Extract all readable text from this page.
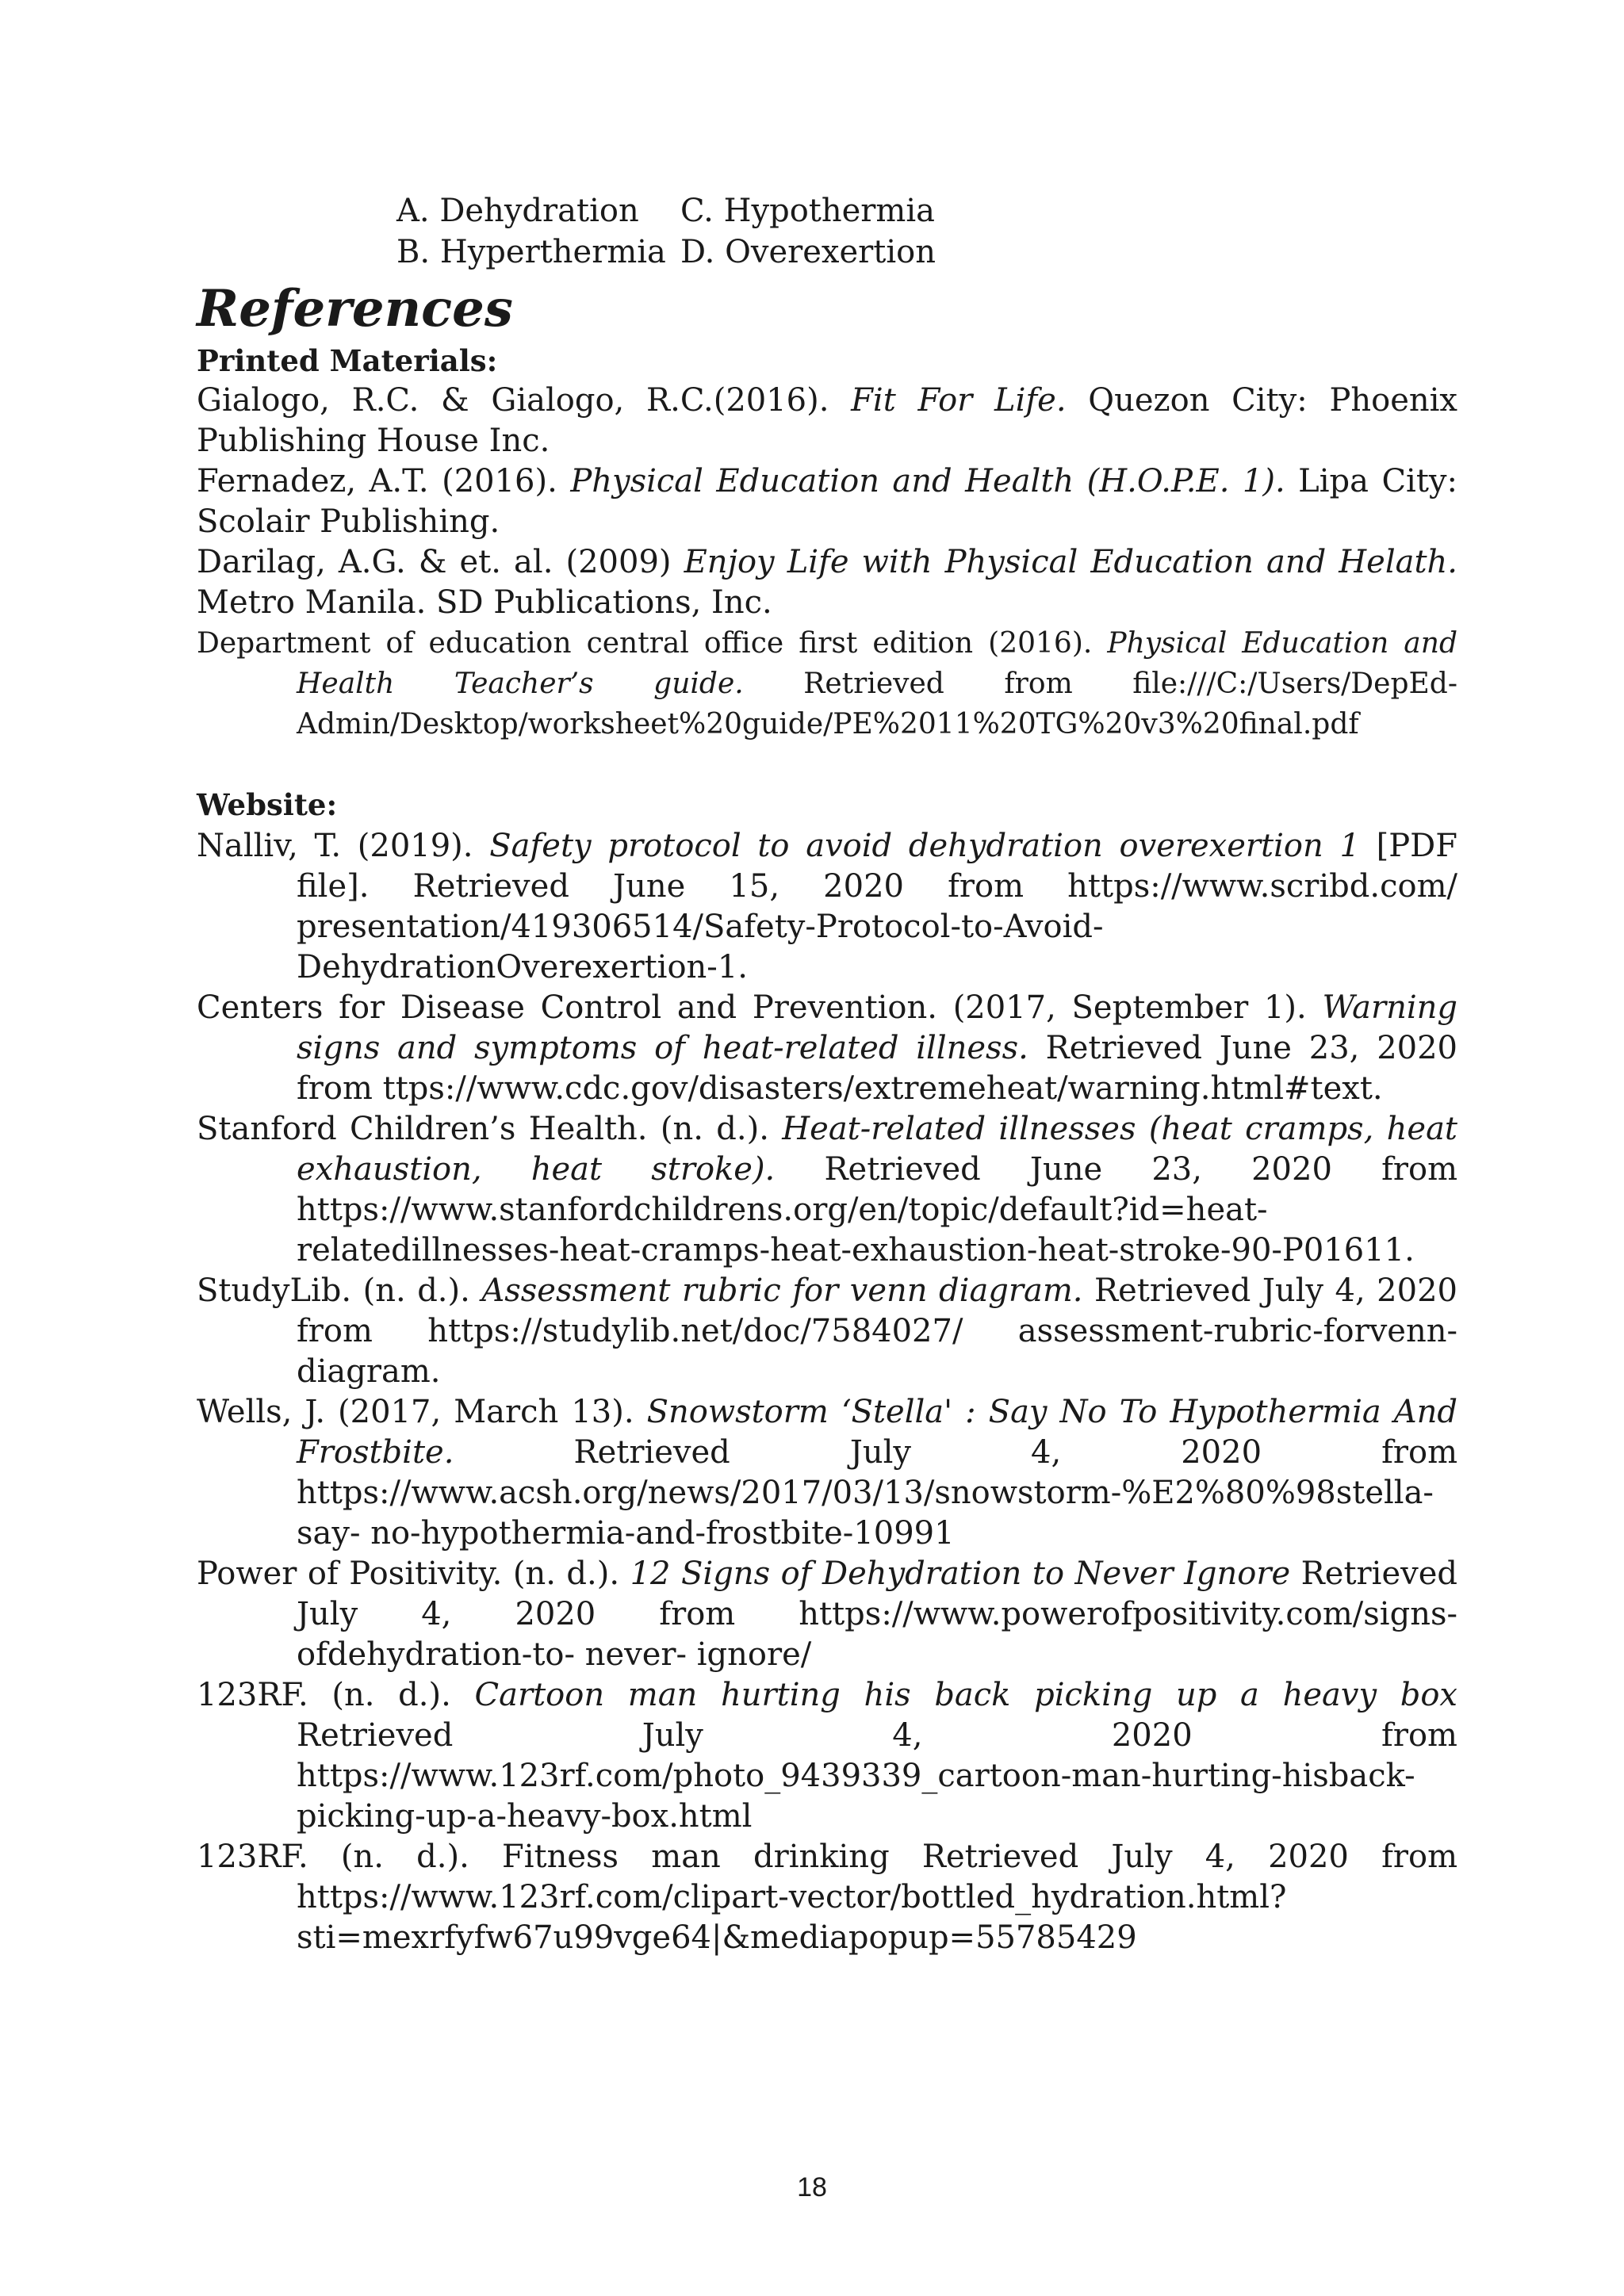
A. Dehydration	C. Hypothermia
B. Hyperthermia D. Overexertion
References
Printed Materials:
Gialogo, R.C. & Gialogo, R.C.(2016). Fit For Life. Quezon City: Phoenix Publishing House Inc.
Fernadez, A.T. (2016). Physical Education and Health (H.O.P.E. 1). Lipa City: Scolair Publishing.
Darilag, A.G. & et. al. (2009) Enjoy Life with Physical Education and Helath. Metro Manila. SD Publications, Inc.
Department of education central office first edition (2016). Physical Education and Health Teacher’s guide. Retrieved from file:///C:/Users/DepEd-Admin/Desktop/worksheet%20guide/PE%2011%20TG%20v3%20final.pdf
Website:
Nalliv, T. (2019). Safety protocol to avoid dehydration overexertion 1 [PDF file]. Retrieved June 15, 2020 from https://www.scribd.com/ presentation/419306514/Safety-Protocol-to-Avoid-DehydrationOverexertion-1.
Centers for Disease Control and Prevention. (2017, September 1). Warning signs and symptoms of heat-related illness. Retrieved June 23, 2020 from ttps://www.cdc.gov/disasters/extremeheat/warning.html#text.
Stanford Children’s Health. (n. d.). Heat-related illnesses (heat cramps, heat exhaustion, heat stroke). Retrieved June 23, 2020 from https://www.stanfordchildrens.org/en/topic/default?id=heat-relatedillnesses-heat-cramps-heat-exhaustion-heat-stroke-90-P01611.
StudyLib. (n. d.). Assessment rubric for venn diagram. Retrieved July 4, 2020 from https://studylib.net/doc/7584027/ assessment-rubric-forvenn-diagram.
Wells, J. (2017, March 13). Snowstorm ‘Stella' : Say No To Hypothermia And Frostbite. Retrieved July 4, 2020 from https://www.acsh.org/news/2017/03/13/snowstorm-%E2%80%98stella-say- no-hypothermia-and-frostbite-10991
Power of Positivity. (n. d.). 12 Signs of Dehydration to Never Ignore Retrieved July 4, 2020 from https://www.powerofpositivity.com/signs-ofdehydration-to- never- ignore/
123RF. (n. d.). Cartoon man hurting his back picking up a heavy box Retrieved July 4, 2020 from https://www.123rf.com/photo_9439339_cartoon-man-hurting-hisback-picking-up-a-heavy-box.html
123RF. (n. d.). Fitness man drinking Retrieved July 4, 2020 from https://www.123rf.com/clipart-vector/bottled_hydration.html?sti=mexrfyfw67u99vge64|&mediapopup=55785429
18
